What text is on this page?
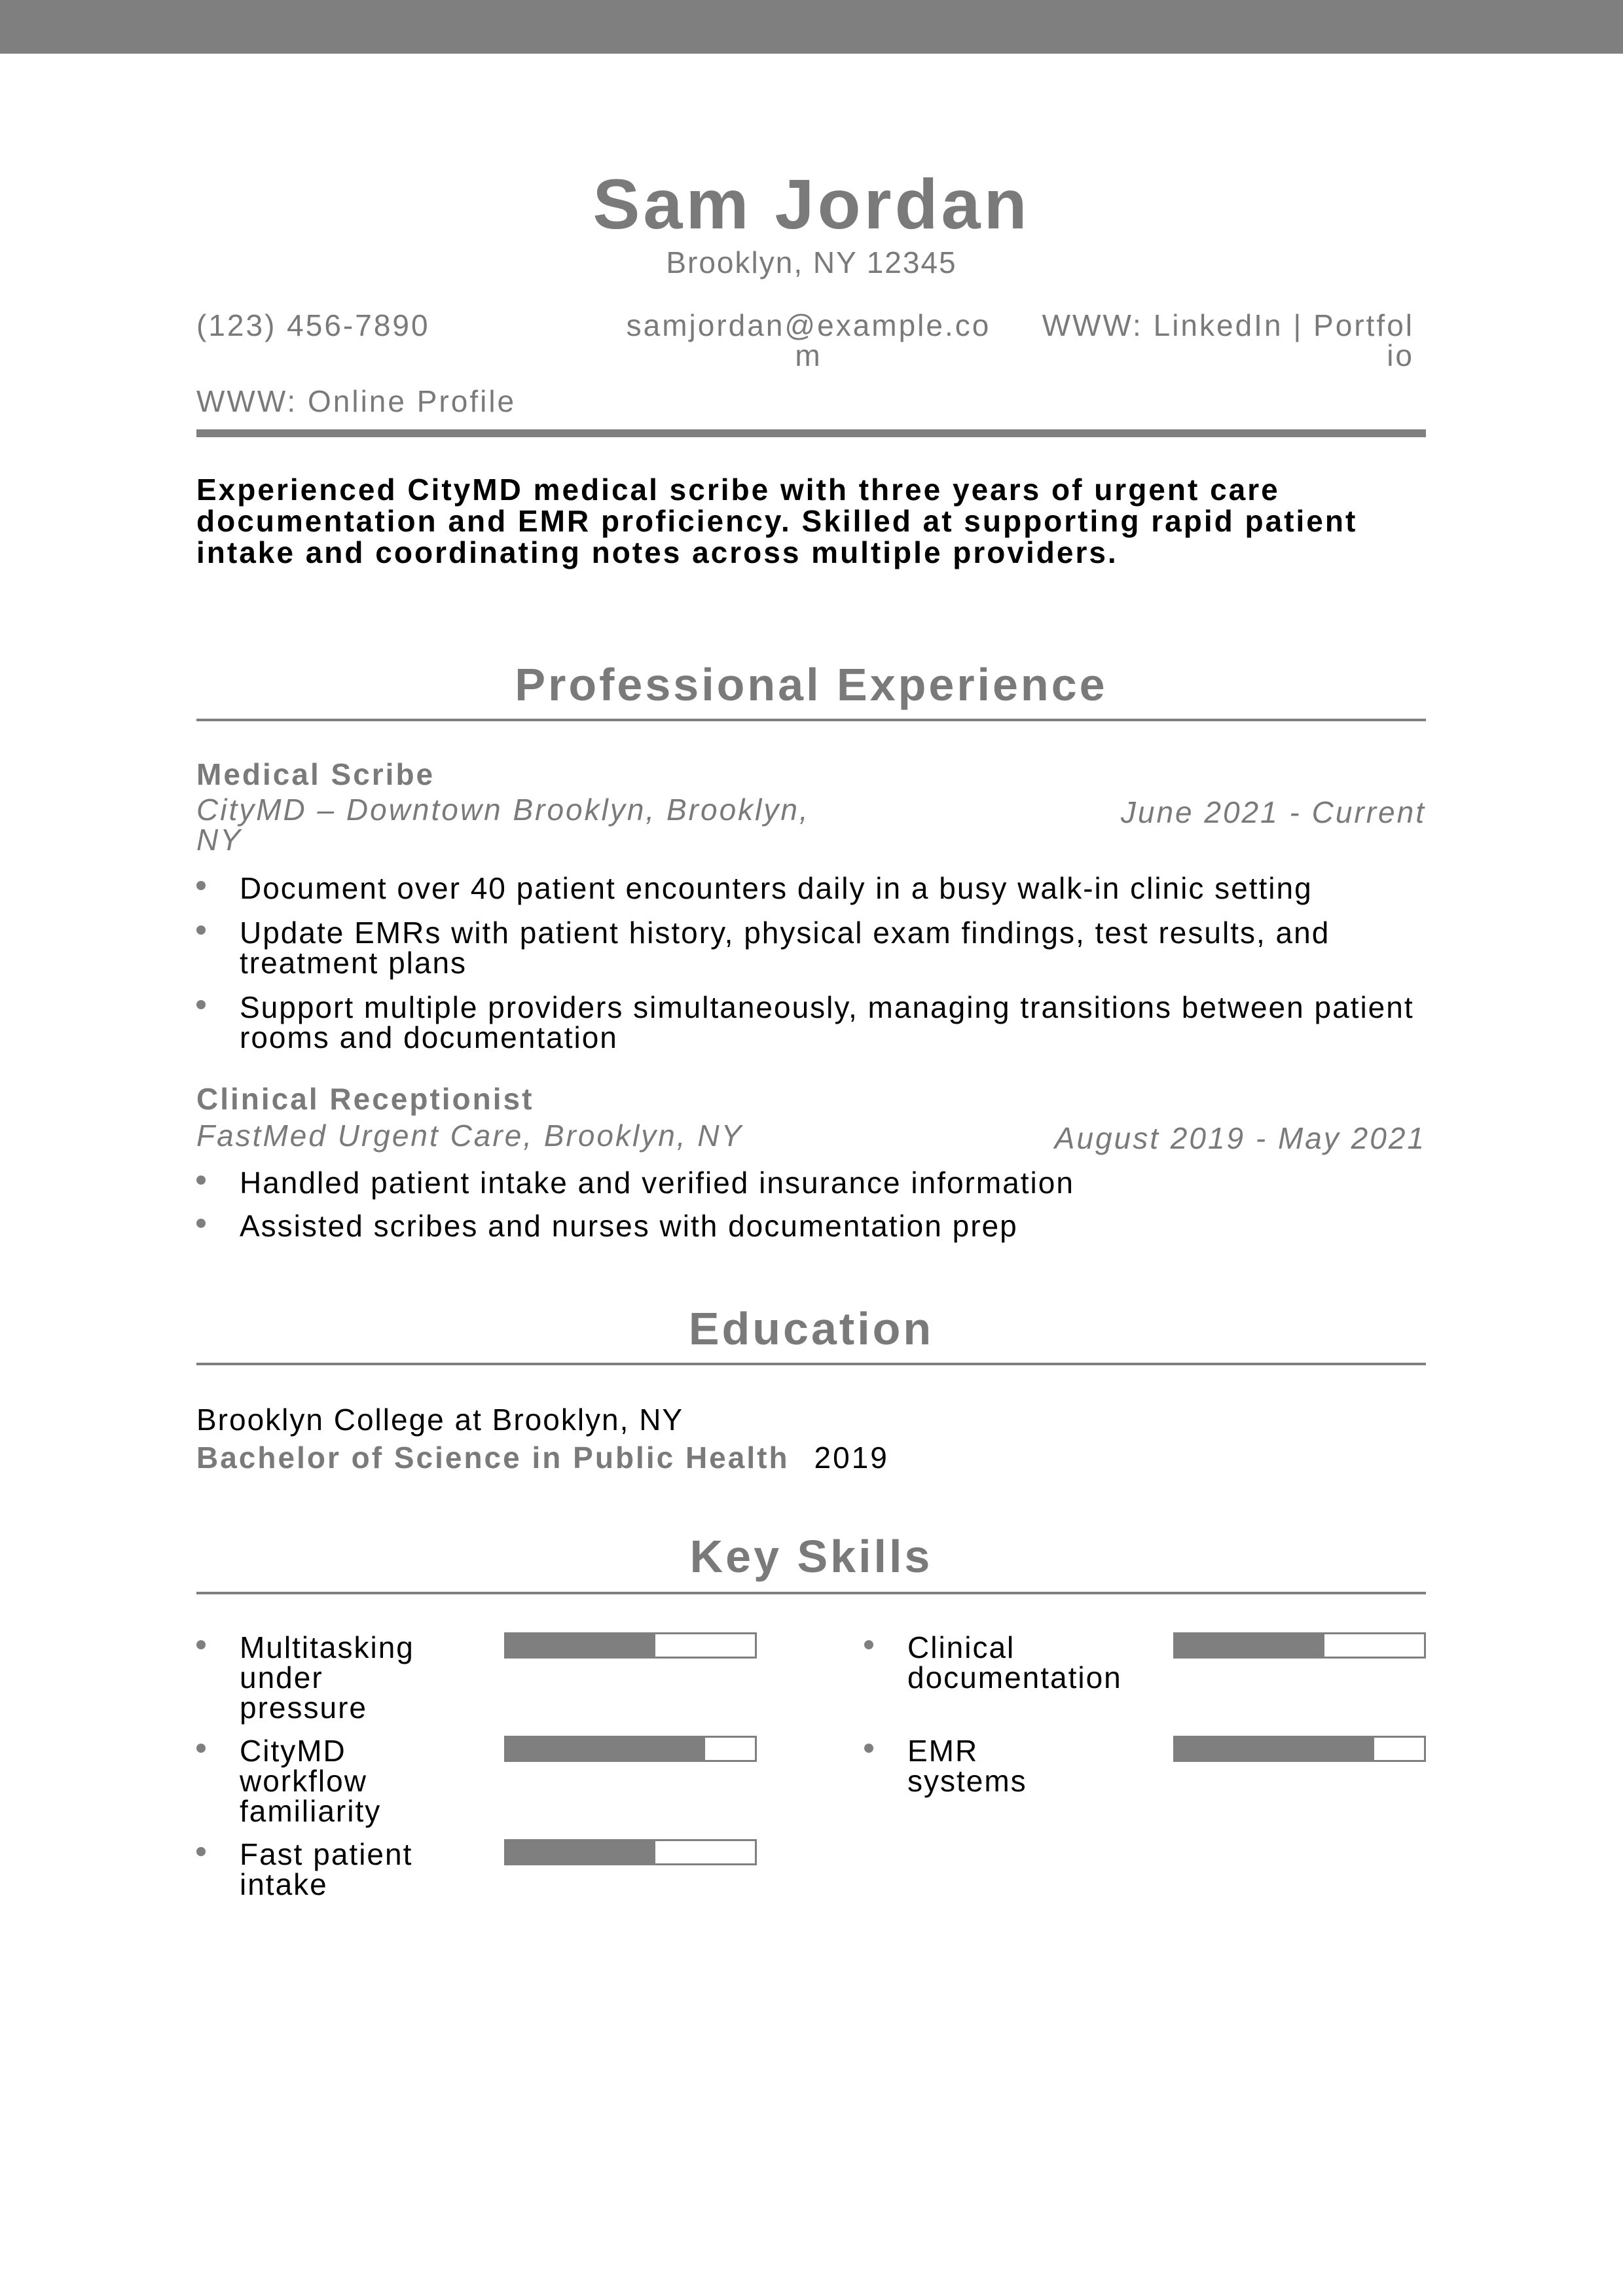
Sam Jordan
Brooklyn, NY 12345
(123) 456-7890	samjordan@example.com
WWW: LinkedIn | Portfolio
WWW: Online Profile
Experienced CityMD medical scribe with three years of urgent care documentation and EMR proficiency. Skilled at supporting rapid patient intake and coordinating notes across multiple providers.
Professional Experience
Medical Scribe
CityMD – Downtown Brooklyn, Brooklyn, NY
June 2021 - Current
Document over 40 patient encounters daily in a busy walk-in clinic setting
Update EMRs with patient history, physical exam findings, test results, and treatment plans
Support multiple providers simultaneously, managing transitions between patient rooms and documentation
Clinical Receptionist
FastMed Urgent Care, Brooklyn, NY	August 2019 - May 2021
Handled patient intake and verified insurance information
Assisted scribes and nurses with documentation prep
Education
Brooklyn College at Brooklyn, NY
Bachelor of Science in Public Health 2019
Key Skills
Multitasking under pressure
Clinical documentation
CityMD workflow familiarity
EMR systems
Fast patient intake
